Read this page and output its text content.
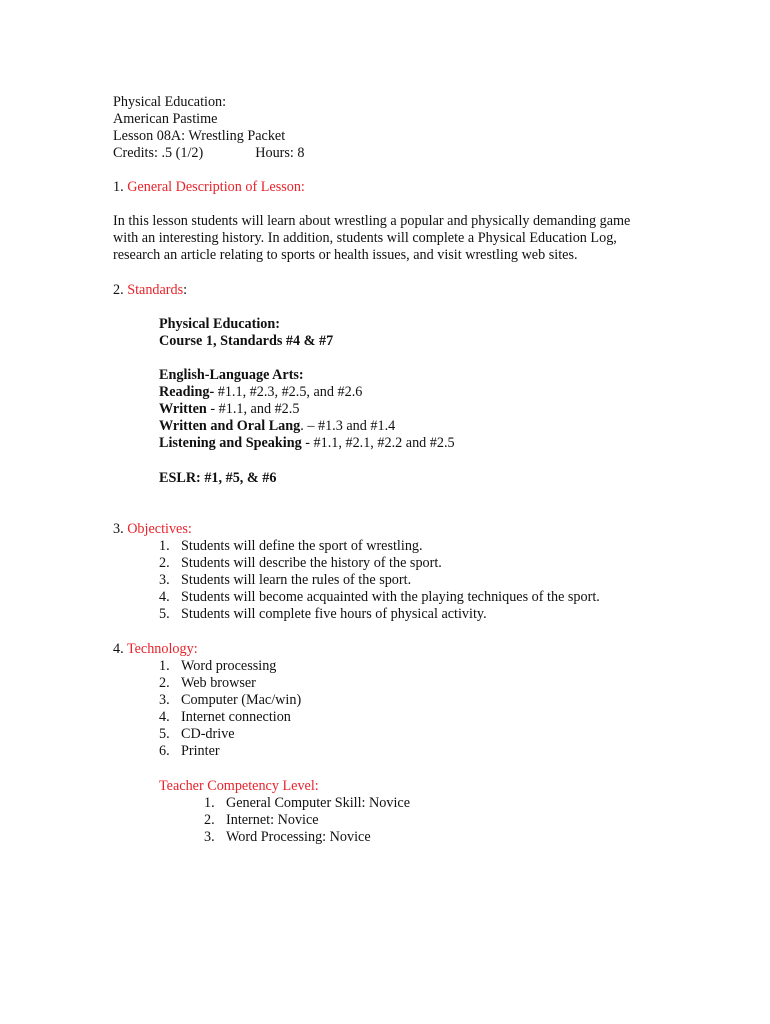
Physical Education:
American Pastime
Lesson 08A: Wrestling Packet
Credits: .5 (1/2)	Hours: 8
1. General Description of Lesson:
In this lesson students will learn about wrestling a popular and physically demanding game
with an interesting history. In addition, students will complete a Physical Education Log,
research an article relating to sports or health issues, and visit wrestling web sites.
2. Standards:
Physical Education:
Course 1, Standards #4 & #7
English-Language Arts:
Reading- #1.1, #2.3, #2.5, and #2.6
Written - #1.1, and #2.5
Written and Oral Lang. – #1.3 and #1.4
Listening and Speaking - #1.1, #2.1, #2.2 and #2.5
ESLR: #1, #5, & #6
3. Objectives:
1. Students will define the sport of wrestling.
2. Students will describe the history of the sport.
3. Students will learn the rules of the sport.
4. Students will become acquainted with the playing techniques of the sport.
5. Students will complete five hours of physical activity.
4. Technology:
1. Word processing
2. Web browser
3. Computer (Mac/win)
4. Internet connection
5. CD-drive
6. Printer
Teacher Competency Level:
1. General Computer Skill: Novice
2. Internet: Novice
3. Word Processing: Novice
